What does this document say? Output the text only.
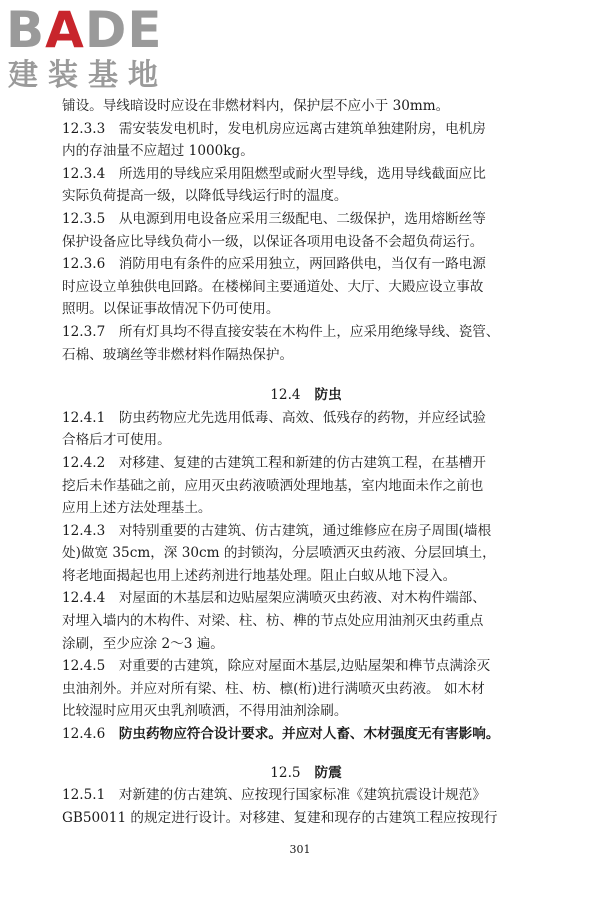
BADE
建装基地
铺设。导线暗设时应设在非燃材料内，保护层不应小于 30mm。
12.3.3　需安装发电机时，发电机房应远离古建筑单独建附房，电机房
内的存油量不应超过 1000kg。
12.3.4　所选用的导线应采用阻燃型或耐火型导线，选用导线截面应比
实际负荷提高一级，以降低导线运行时的温度。
12.3.5　从电源到用电设备应采用三级配电、二级保护，选用熔断丝等
保护设备应比导线负荷小一级，以保证各项用电设备不会超负荷运行。
12.3.6　消防用电有条件的应采用独立，两回路供电，当仅有一路电源
时应设立单独供电回路。在楼梯间主要通道处、大厅、大殿应设立事故
照明。以保证事故情况下仍可使用。
12.3.7　所有灯具均不得直接安装在木构件上，应采用绝缘导线、瓷管、
石棉、玻璃丝等非燃材料作隔热保护。
12.4 防虫
12.4.1　防虫药物应尤先选用低毒、高效、低残存的药物，并应经试验
合格后才可使用。
12.4.2　对移建、复建的古建筑工程和新建的仿古建筑工程，在基槽开
挖后未作基础之前，应用灭虫药液喷洒处理地基，室内地面未作之前也
应用上述方法处理基土。
12.4.3　对特别重要的古建筑、仿古建筑，通过维修应在房子周围(墙根
处)做宽 35cm，深 30cm 的封锁沟，分层喷洒灭虫药液、分层回填土，
将老地面揭起也用上述药剂进行地基处理。阻止白蚁从地下浸入。
12.4.4　对屋面的木基层和边贴屋架应满喷灭虫药液、对木构件端部、
对埋入墙内的木构件、对梁、柱、枋、榫的节点处应用油剂灭虫药重点
涂刷，至少应涂 2～3 遍。
12.4.5　对重要的古建筑，除应对屋面木基层,边贴屋架和榫节点满涂灭
虫油剂外。并应对所有梁、柱、枋、檩(桁)进行满喷灭虫药液。 如木材
比较湿时应用灭虫乳剂喷洒，不得用油剂涂刷。
12.4.6　 防虫药物应符合设计要求。并应对人畜、木材强度无有害影响。
12.5 防震
12.5.1　对新建的仿古建筑、应按现行国家标准《建筑抗震设计规范》
GB50011 的规定进行设计。对移建、复建和现存的古建筑工程应按现行
301
